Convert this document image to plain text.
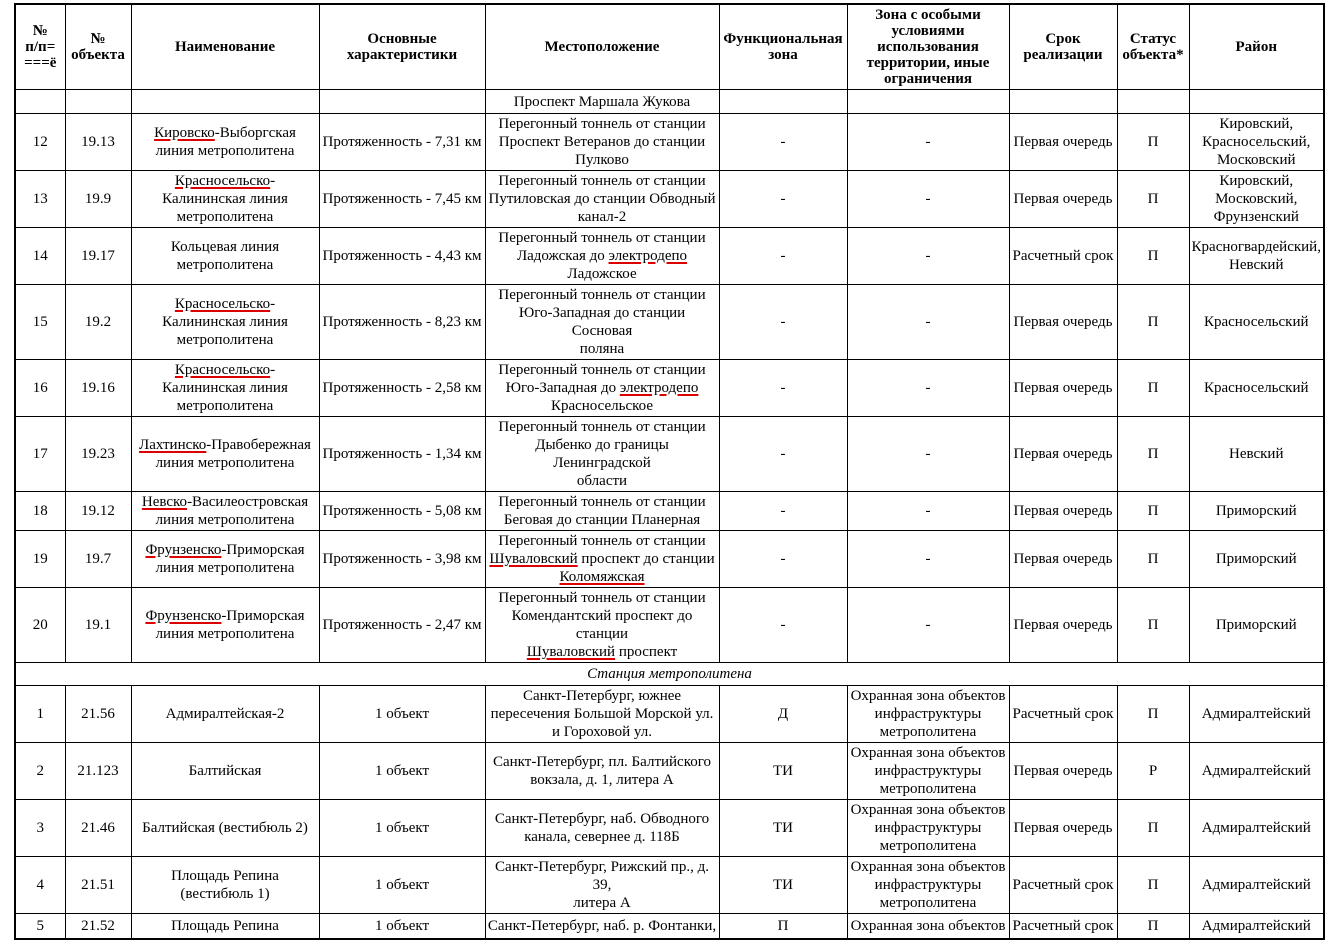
№
п/п=
===ё	№
объекта	Наименование	Основные
характеристики	Местоположение	Функциональная
зона	Зона с особыми
условиями
использования
территории, иные
ограничения	Срок
реализации	Статус
объекта*	Район
				Проспект Маршала Жукова					
12	19.13	Кировско-Выборгская
линия метрополитена	Протяженность - 7,31 км	Перегонный тоннель от станции
Проспект Ветеранов до станции
Пулково	-	-	Первая очередь	П	Кировский,
Красносельский,
Московский
13	19.9	Красносельско-
Калининская линия
метрополитена	Протяженность - 7,45 км	Перегонный тоннель от станции
Путиловская до станции Обводный
канал-2	-	-	Первая очередь	П	Кировский,
Московский,
Фрунзенский
14	19.17	Кольцевая линия
метрополитена	Протяженность - 4,43 км	Перегонный тоннель от станции
Ладожская до электродепо
Ладожское	-	-	Расчетный срок	П	Красногвардейский,
Невский
15	19.2	Красносельско-
Калининская линия
метрополитена	Протяженность - 8,23 км	Перегонный тоннель от станции
Юго-Западная до станции Сосновая
поляна	-	-	Первая очередь	П	Красносельский
16	19.16	Красносельско-
Калининская линия
метрополитена	Протяженность - 2,58 км	Перегонный тоннель от станции
Юго-Западная до электродепо
Красносельское	-	-	Первая очередь	П	Красносельский
17	19.23	Лахтинско-Правобережная
линия метрополитена	Протяженность - 1,34 км	Перегонный тоннель от станции
Дыбенко до границы Ленинградской
области	-	-	Первая очередь	П	Невский
18	19.12	Невско-Василеостровская
линия метрополитена	Протяженность - 5,08 км	Перегонный тоннель от станции
Беговая до станции Планерная	-	-	Первая очередь	П	Приморский
19	19.7	Фрунзенско-Приморская
линия метрополитена	Протяженность - 3,98 км	Перегонный тоннель от станции
Шуваловский проспект до станции
Коломяжская	-	-	Первая очередь	П	Приморский
20	19.1	Фрунзенско-Приморская
линия метрополитена	Протяженность - 2,47 км	Перегонный тоннель от станции
Комендантский проспект до станции
Шуваловский проспект	-	-	Первая очередь	П	Приморский
Станция метрополитена									
1	21.56	Адмиралтейская-2	1 объект	Санкт-Петербург, южнее
пересечения Большой Морской ул.
и Гороховой ул.	Д	Охранная зона объектов
инфраструктуры
метрополитена	Расчетный срок	П	Адмиралтейский
2	21.123	Балтийская	1 объект	Санкт-Петербург, пл. Балтийского
вокзала, д. 1, литера А	ТИ	Охранная зона объектов
инфраструктуры
метрополитена	Первая очередь	Р	Адмиралтейский
3	21.46	Балтийская (вестибюль 2)	1 объект	Санкт-Петербург, наб. Обводного
канала, севернее д. 118Б	ТИ	Охранная зона объектов
инфраструктуры
метрополитена	Первая очередь	П	Адмиралтейский
4	21.51	Площадь Репина
(вестибюль 1)	1 объект	Санкт-Петербург, Рижский пр., д. 39,
литера А	ТИ	Охранная зона объектов
инфраструктуры
метрополитена	Расчетный срок	П	Адмиралтейский
5	21.52	Площадь Репина	1 объект	Санкт-Петербург, наб. р. Фонтанки,	П	Охранная зона объектов	Расчетный срок	П	Адмиралтейский
